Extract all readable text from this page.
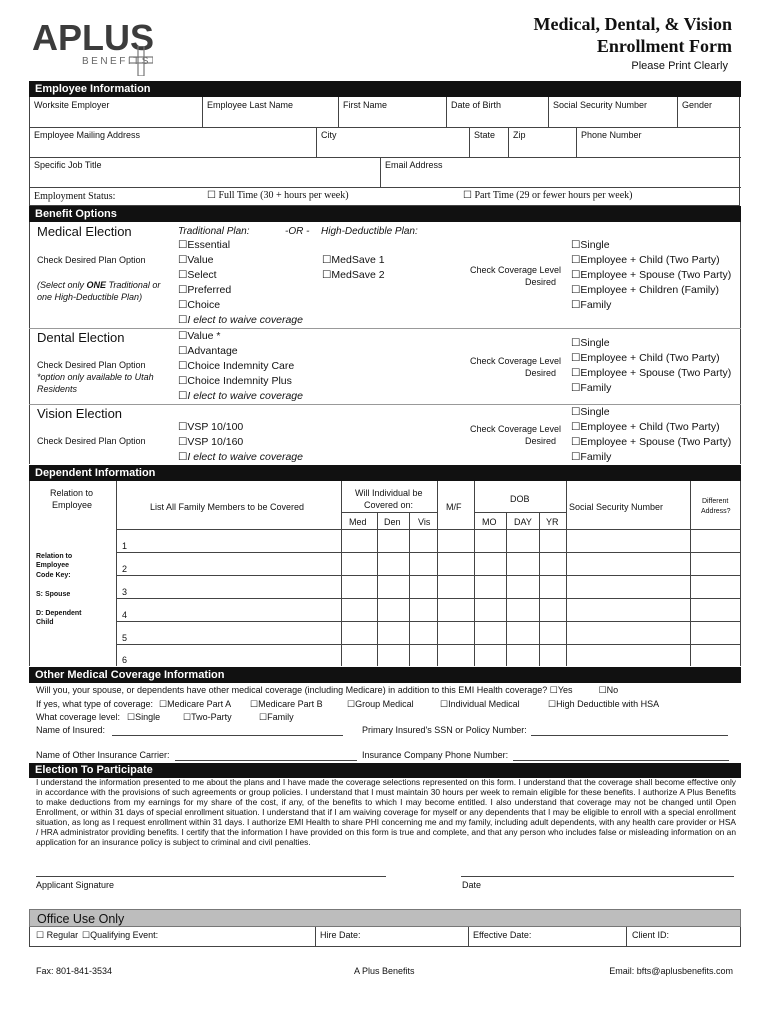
APLUS
BENEFITS
Medical, Dental, & Vision
Enrollment Form
Please Print Clearly
Employee Information
Worksite Employer	Employee Last Name	First Name	Date of Birth	Social Security Number	Gender
Employee Mailing Address	City	State Zip	Phone Number
Specific Job Title	Email Address
Employment Status: ☐	Full Time (30 + hours per week) ☐	Part Time (29 or fewer hours per week)
Benefit Options
Medical Election
Check Desired Plan Option
(Select only ONE Traditional or
one High-Deductible Plan)
Traditional Plan:	-OR - High-Deductible Plan:
☐ Essential
☐ Value
☐ Select
☐ Preferred
☐ Choice
☐ I elect to waive coverage
☐ MedSave 1
☐ MedSave 2	Check Coverage Level
Desired
☐ Single
☐ Employee + Child (Two Party)
☐ Employee + Spouse (Two Party)
☐ Employee + Children (Family)
☐ Family
Dental Election
Check Desired Plan Option
*option only available to Utah
Residents
☐ Value *
☐ Advantage
☐ Choice Indemnity Care
☐ Choice Indemnity Plus
☐ I elect to waive coverage
Check Coverage Level
Desired
☐ Single
☐ Employee + Child (Two Party)
☐ Employee + Spouse (Two Party)
☐ Family
Vision Election
Check Desired Plan Option
☐ VSP 10/100
☐ VSP 10/160
☐ I elect to waive coverage
Check Coverage Level
Desired
☐ Single
☐ Employee + Child (Two Party)
☐ Employee + Spouse (Two Party)
☐ Family
Dependent Information
Relation to
Employee	List All Family Members to be Covered
Will Individual be
Covered on:
Med Den Vis
M/F
DOB
MO DAY YR
Social Security Number
Different
Address?
Relation to
Employee
Code Key:
S: Spouse
D: Dependent
Child
1
2
3
4
5
6
Other Medical Coverage Information
Will you, your spouse, or dependents have other medical coverage (including Medicare) in addition to this EMI Health coverage? ☐ Yes ☐	No
If yes, what type of coverage: ☐	Medicare Part A ☐	Medicare Part B ☐	Group Medical ☐	Individual Medical ☐	High Deductible with HSA
What coverage level: ☐	Single ☐	Two-Party ☐	Family
Name of Insured:	Primary Insured's SSN or Policy Number:
Name of Other Insurance Carrier:	Insurance Company Phone Number:
Election To Participate
I understand the information presented to me about the plans and I have made the coverage selections represented on this form. I understand that the coverage shall become effective only in accordance with the provisions of such agreements or group policies. I understand that I must maintain 30 hours per week to remain eligible for these benefits. I authorize A Plus Benefits to make deductions from my earnings for my share of the cost, if any, of the benefits to which I may become entitled. I also understand that coverage may not be changed until Open Enrollment, or within 31 days of special enrollment situation. I understand that if I am waiving coverage for myself or any dependents that I may be eligible to enroll with a special enrollment situation, as long as I request enrollment within 31 days. I authorize EMI Health to share PHI concerning me and my family, including adult dependents, with any health care provider or HSA / HRA administrator providing benefits. I certify that the information I have provided on this form is true and complete, and that any person who includes false or misleading information on an application for an insurance policy is subject to criminal and civil penalties.
Applicant Signature	Date
Office Use Only
☐ Regular ☐	Qualifying Event:	Hire Date:	Effective Date:	Client ID:
Fax: 801-841-3534	A Plus Benefits	Email: bfts@aplusbenefits.com
